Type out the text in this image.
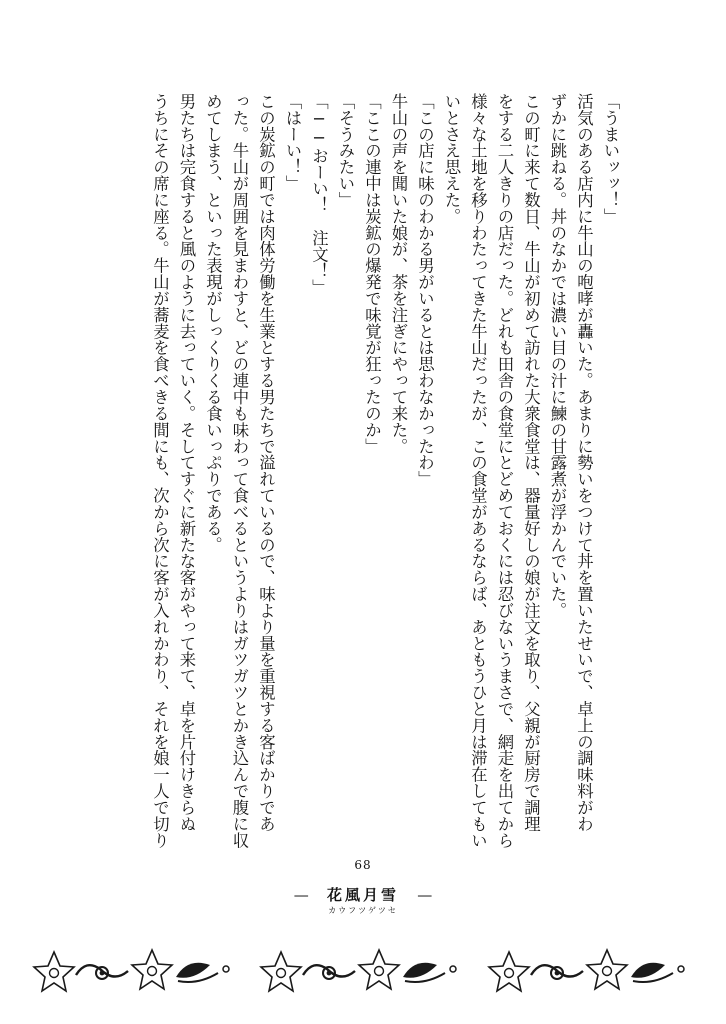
「うまいッッ！」
活気のある店内に牛山の咆哮が轟いた。あまりに勢いをつけて丼を置いたせいで、卓上の調味料がわ
ずかに跳ねる。丼のなかでは濃い目の汁に鰊の甘露煮が浮かんでいた。
この町に来て数日、牛山が初めて訪れた大衆食堂は、器量好しの娘が注文を取り、父親が厨房で調理
をする二人きりの店だった。どれも田舎の食堂にとどめておくには忍びないうまさで、網走を出てから
様々な土地を移りわたってきた牛山だったが、この食堂があるならば、あともうひと月は滞在してもい
いとさえ思えた。
「この店に味のわかる男がいるとは思わなかったわ」
牛山の声を聞いた娘が、茶を注ぎにやって来た。
「ここの連中は炭鉱の爆発で味覚が狂ったのか」
「そうみたい」
「──おーい！　注文！」
「はーい！」
この炭鉱の町では肉体労働を生業とする男たちで溢れているので、味より量を重視する客ばかりであ
った。牛山が周囲を見まわすと、どの連中も味わって食べるというよりはガツガツとかき込んで腹に収
めてしまう、といった表現がしっくりくる食いっぷりである。
男たちは完食すると風のように去っていく。そしてすぐに新たな客がやって来て、卓を片付けきらぬ
うちにその席に座る。牛山が蕎麦を食べきる間にも、次から次に客が入れかわり、それを娘一人で切り
68
— 花風月雪 —
カウフツゲツセ
